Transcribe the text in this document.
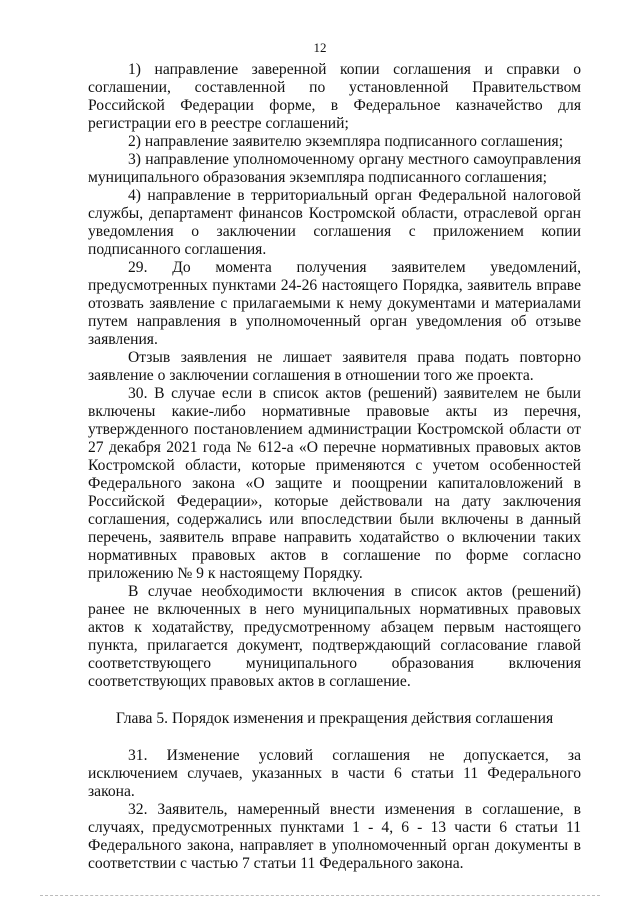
12

1) направление заверенной копии соглашения и справки о соглашении, составленной по установленной Правительством Российской Федерации форме, в Федеральное казначейство для регистрации его в реестре соглашений;

2) направление заявителю экземпляра подписанного соглашения;

3) направление уполномоченному органу местного самоуправления муниципального образования экземпляра подписанного соглашения;

4) направление в территориальный орган Федеральной налоговой службы, департамент финансов Костромской области, отраслевой орган уведомления о заключении соглашения с приложением копии подписанного соглашения.

29. До момента получения заявителем уведомлений, предусмотренных пунктами 24-26 настоящего Порядка, заявитель вправе отозвать заявление с прилагаемыми к нему документами и материалами путем направления в уполномоченный орган уведомления об отзыве заявления.

Отзыв заявления не лишает заявителя права подать повторно заявление о заключении соглашения в отношении того же проекта.

30. В случае если в список актов (решений) заявителем не были включены какие-либо нормативные правовые акты из перечня, утвержденного постановлением администрации Костромской области от 27 декабря 2021 года № 612-а «О перечне нормативных правовых актов Костромской области, которые применяются с учетом особенностей Федерального закона «О защите и поощрении капиталовложений в Российской Федерации», которые действовали на дату заключения соглашения, содержались или впоследствии были включены в данный перечень, заявитель вправе направить ходатайство о включении таких нормативных правовых актов в соглашение по форме согласно приложению № 9 к настоящему Порядку.

В случае необходимости включения в список актов (решений) ранее не включенных в него муниципальных нормативных правовых актов к ходатайству, предусмотренному абзацем первым настоящего пункта, прилагается документ, подтверждающий согласование главой соответствующего муниципального образования включения соответствующих правовых актов в соглашение.

Глава 5. Порядок изменения и прекращения действия соглашения

31. Изменение условий соглашения не допускается, за исключением случаев, указанных в части 6 статьи 11 Федерального закона.

32. Заявитель, намеренный внести изменения в соглашение, в случаях, предусмотренных пунктами 1 - 4, 6 - 13 части 6 статьи 11 Федерального закона, направляет в уполномоченный орган документы в соответствии с частью 7 статьи 11 Федерального закона.
